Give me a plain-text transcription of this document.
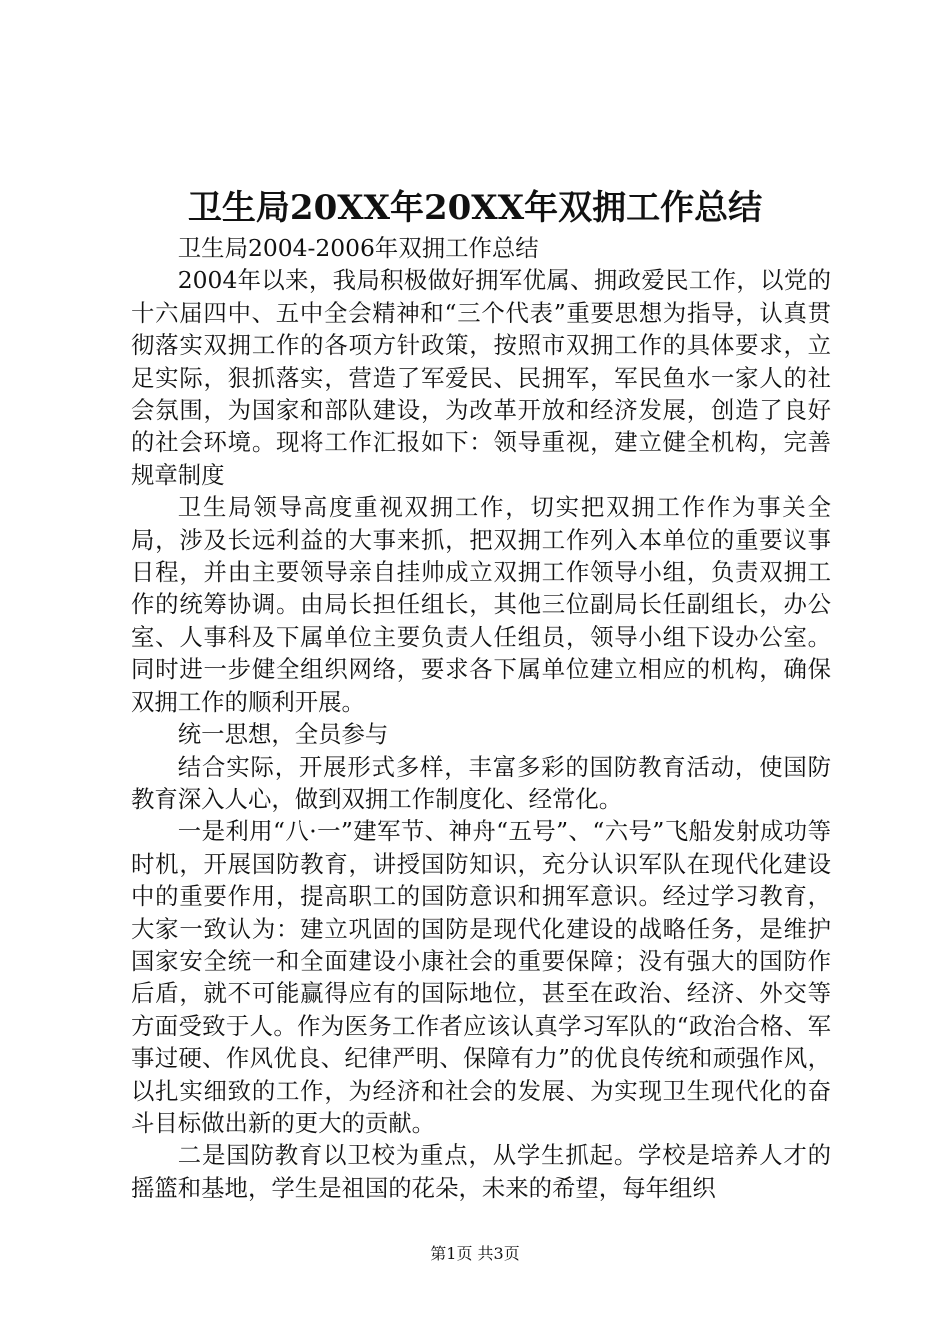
卫生局20XX年20XX年双拥工作总结

卫生局2004-2006年双拥工作总结

2004年以来，我局积极做好拥军优属、拥政爱民工作，以党的十六届四中、五中全会精神和“三个代表”重要思想为指导，认真贯彻落实双拥工作的各项方针政策，按照市双拥工作的具体要求，立足实际，狠抓落实，营造了军爱民、民拥军，军民鱼水一家人的社会氛围，为国家和部队建设，为改革开放和经济发展，创造了良好的社会环境。现将工作汇报如下：领导重视，建立健全机构，完善规章制度

卫生局领导高度重视双拥工作，切实把双拥工作作为事关全局，涉及长远利益的大事来抓，把双拥工作列入本单位的重要议事日程，并由主要领导亲自挂帅成立双拥工作领导小组，负责双拥工作的统筹协调。由局长担任组长，其他三位副局长任副组长，办公室、人事科及下属单位主要负责人任组员，领导小组下设办公室。同时进一步健全组织网络，要求各下属单位建立相应的机构，确保双拥工作的顺利开展。

统一思想，全员参与

结合实际，开展形式多样，丰富多彩的国防教育活动，使国防教育深入人心，做到双拥工作制度化、经常化。

一是利用“八·一”建军节、神舟“五号”、“六号”飞船发射成功等时机，开展国防教育，讲授国防知识，充分认识军队在现代化建设中的重要作用，提高职工的国防意识和拥军意识。经过学习教育，大家一致认为：建立巩固的国防是现代化建设的战略任务，是维护国家安全统一和全面建设小康社会的重要保障；没有强大的国防作后盾，就不可能赢得应有的国际地位，甚至在政治、经济、外交等方面受致于人。作为医务工作者应该认真学习军队的“政治合格、军事过硬、作风优良、纪律严明、保障有力”的优良传统和顽强作风，以扎实细致的工作，为经济和社会的发展、为实现卫生现代化的奋斗目标做出新的更大的贡献。

二是国防教育以卫校为重点，从学生抓起。学校是培养人才的摇篮和基地，学生是祖国的花朵，未来的希望，每年组织

第1页 共3页
